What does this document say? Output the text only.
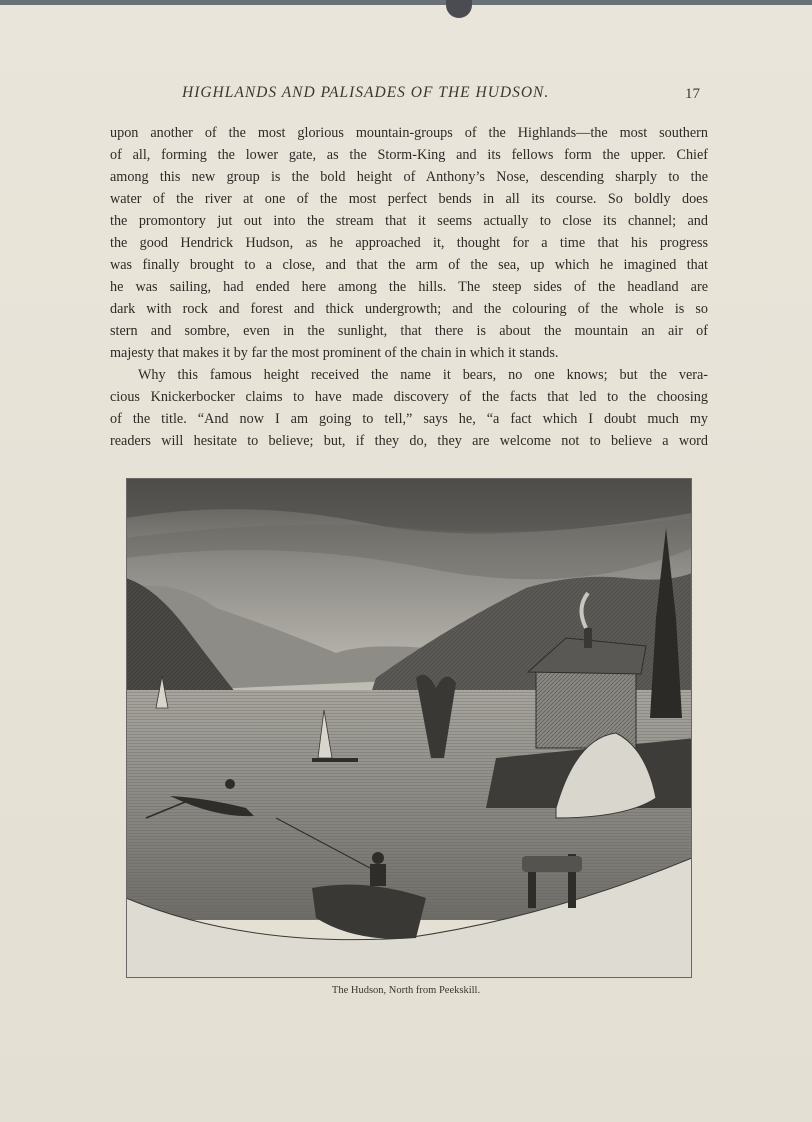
HIGHLANDS AND PALISADES OF THE HUDSON.	17
upon another of the most glorious mountain-groups of the Highlands—the most southern
of all, forming the lower gate, as the Storm-King and its fellows form the upper. Chief
among this new group is the bold height of Anthony’s Nose, descending sharply to the
water of the river at one of the most perfect bends in all its course. So boldly does
the promontory jut out into the stream that it seems actually to close its channel; and
the good Hendrick Hudson, as he approached it, thought for a time that his progress
was finally brought to a close, and that the arm of the sea, up which he imagined that
he was sailing, had ended here among the hills. The steep sides of the headland are
dark with rock and forest and thick undergrowth; and the colouring of the whole is so
stern and sombre, even in the sunlight, that there is about the mountain an air of
majesty that makes it by far the most prominent of the chain in which it stands.
Why this famous height received the name it bears, no one knows; but the vera-
cious Knickerbocker claims to have made discovery of the facts that led to the choosing
of the title. “And now I am going to tell,” says he, “a fact which I doubt much my
readers will hesitate to believe; but, if they do, they are welcome not to believe a word
The Hudson, North from Peekskill.
